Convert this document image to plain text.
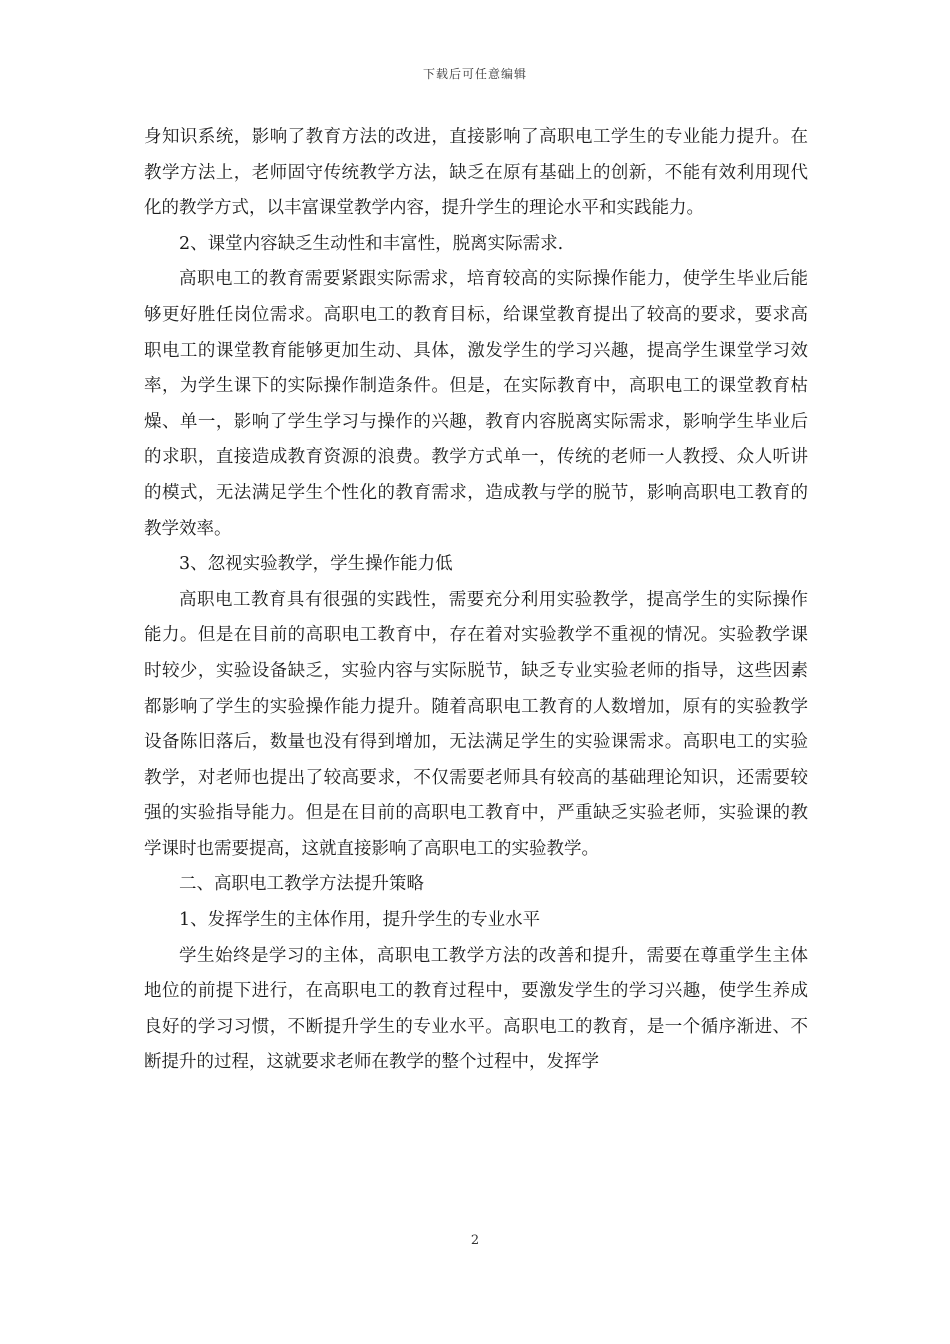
下载后可任意编辑

身知识系统，影响了教育方法的改进，直接影响了高职电工学生的专业能力提升。在教学方法上，老师固守传统教学方法，缺乏在原有基础上的创新，不能有效利用现代化的教学方式，以丰富课堂教学内容，提升学生的理论水平和实践能力。

2、课堂内容缺乏生动性和丰富性，脱离实际需求.

高职电工的教育需要紧跟实际需求，培育较高的实际操作能力，使学生毕业后能够更好胜任岗位需求。高职电工的教育目标，给课堂教育提出了较高的要求，要求高职电工的课堂教育能够更加生动、具体，激发学生的学习兴趣，提高学生课堂学习效率，为学生课下的实际操作制造条件。但是，在实际教育中，高职电工的课堂教育枯燥、单一，影响了学生学习与操作的兴趣，教育内容脱离实际需求，影响学生毕业后的求职，直接造成教育资源的浪费。教学方式单一，传统的老师一人教授、众人听讲的模式，无法满足学生个性化的教育需求，造成教与学的脱节，影响高职电工教育的教学效率。

3、忽视实验教学，学生操作能力低

高职电工教育具有很强的实践性，需要充分利用实验教学，提高学生的实际操作能力。但是在目前的高职电工教育中，存在着对实验教学不重视的情况。实验教学课时较少，实验设备缺乏，实验内容与实际脱节，缺乏专业实验老师的指导，这些因素都影响了学生的实验操作能力提升。随着高职电工教育的人数增加，原有的实验教学设备陈旧落后，数量也没有得到增加，无法满足学生的实验课需求。高职电工的实验教学，对老师也提出了较高要求，不仅需要老师具有较高的基础理论知识，还需要较强的实验指导能力。但是在目前的高职电工教育中，严重缺乏实验老师，实验课的教学课时也需要提高，这就直接影响了高职电工的实验教学。

二、高职电工教学方法提升策略

1、发挥学生的主体作用，提升学生的专业水平

学生始终是学习的主体，高职电工教学方法的改善和提升，需要在尊重学生主体地位的前提下进行，在高职电工的教育过程中，要激发学生的学习兴趣，使学生养成良好的学习习惯，不断提升学生的专业水平。高职电工的教育，是一个循序渐进、不断提升的过程，这就要求老师在教学的整个过程中，发挥学

2
